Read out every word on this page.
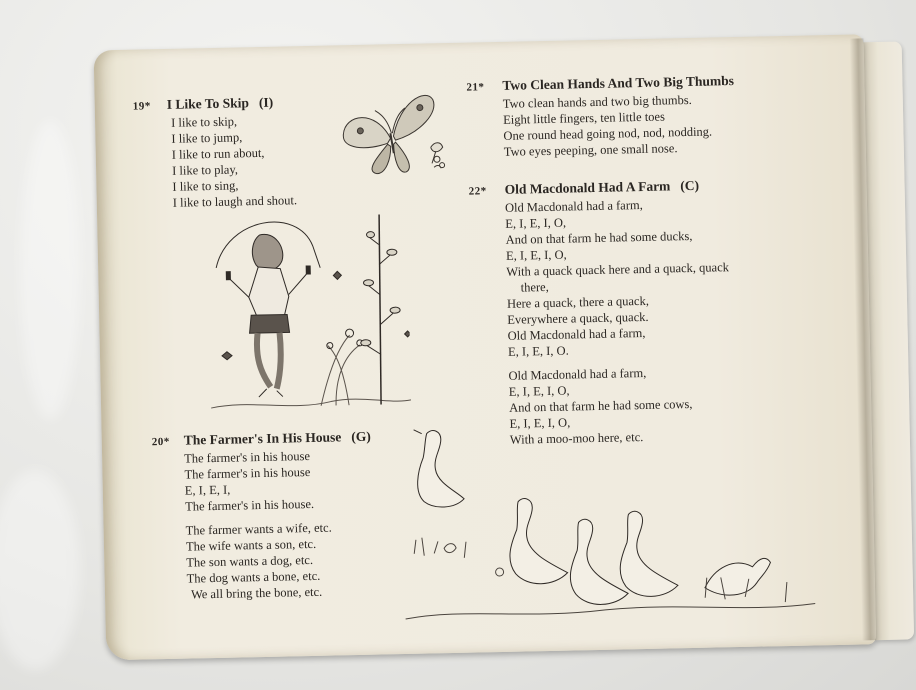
19* I Like To Skip (I)
I like to skip,
I like to jump,
I like to run about,
I like to play,
I like to sing,
I like to laugh and shout.
20* The Farmer's In His House (G)
The farmer's in his house
The farmer's in his house
E, I, E, I,
The farmer's in his house.
The farmer wants a wife, etc.
The wife wants a son, etc.
The son wants a dog, etc.
The dog wants a bone, etc.
We all bring the bone, etc.
21* Two Clean Hands And Two Big Thumbs
Two clean hands and two big thumbs.
Eight little fingers, ten little toes
One round head going nod, nod, nodding.
Two eyes peeping, one small nose.
22* Old Macdonald Had A Farm (C)
Old Macdonald had a farm,
E, I, E, I, O,
And on that farm he had some ducks,
E, I, E, I, O,
With a quack quack here and a quack, quack
there,
Here a quack, there a quack,
Everywhere a quack, quack.
Old Macdonald had a farm,
E, I, E, I, O.
Old Macdonald had a farm,
E, I, E, I, O,
And on that farm he had some cows,
E, I, E, I, O,
With a moo-moo here, etc.
